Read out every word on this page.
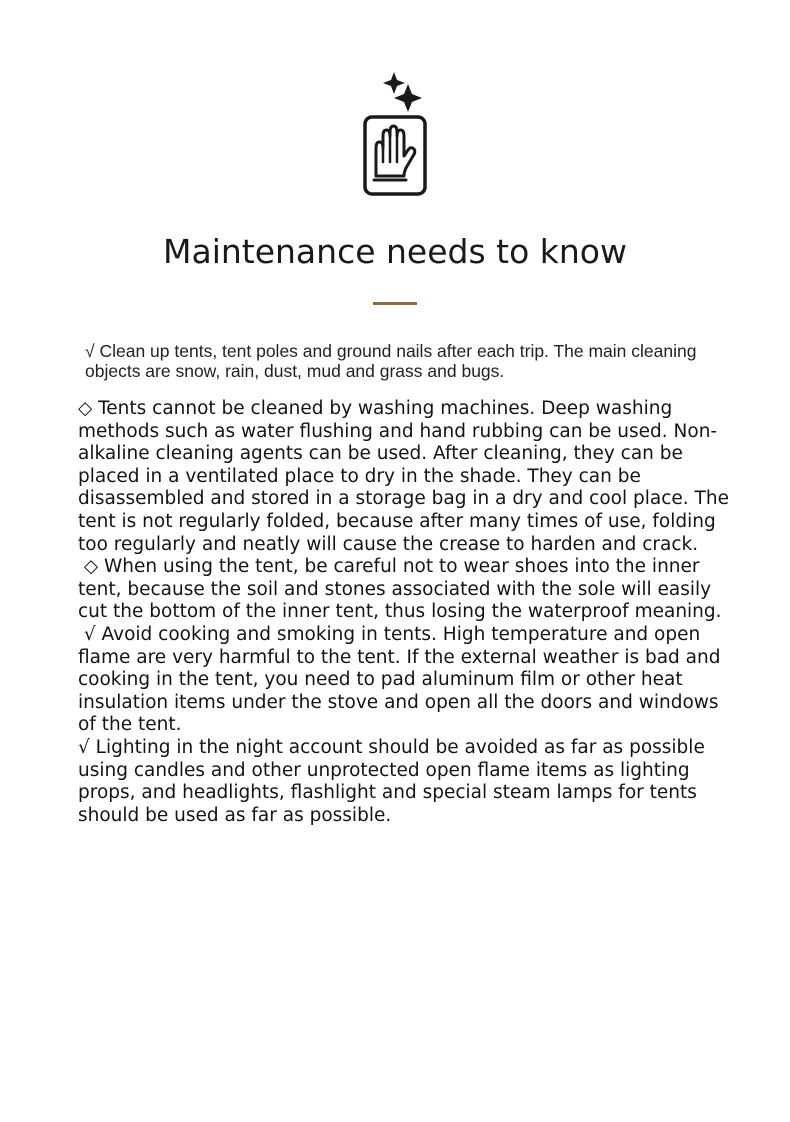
Maintenance needs to know

√ Clean up tents, tent poles and ground nails after each trip. The main cleaning objects are snow, rain, dust, mud and grass and bugs.

◇ Tents cannot be cleaned by washing machines. Deep washing methods such as water flushing and hand rubbing can be used. Non-alkaline cleaning agents can be used. After cleaning, they can be placed in a ventilated place to dry in the shade. They can be disassembled and stored in a storage bag in a dry and cool place. The tent is not regularly folded, because after many times of use, folding too regularly and neatly will cause the crease to harden and crack.

◇ When using the tent, be careful not to wear shoes into the inner tent, because the soil and stones associated with the sole will easily cut the bottom of the inner tent, thus losing the waterproof meaning.

√ Avoid cooking and smoking in tents. High temperature and open flame are very harmful to the tent. If the external weather is bad and cooking in the tent, you need to pad aluminum film or other heat insulation items under the stove and open all the doors and windows of the tent.

√ Lighting in the night account should be avoided as far as possible using candles and other unprotected open flame items as lighting props, and headlights, flashlight and special steam lamps for tents should be used as far as possible.
